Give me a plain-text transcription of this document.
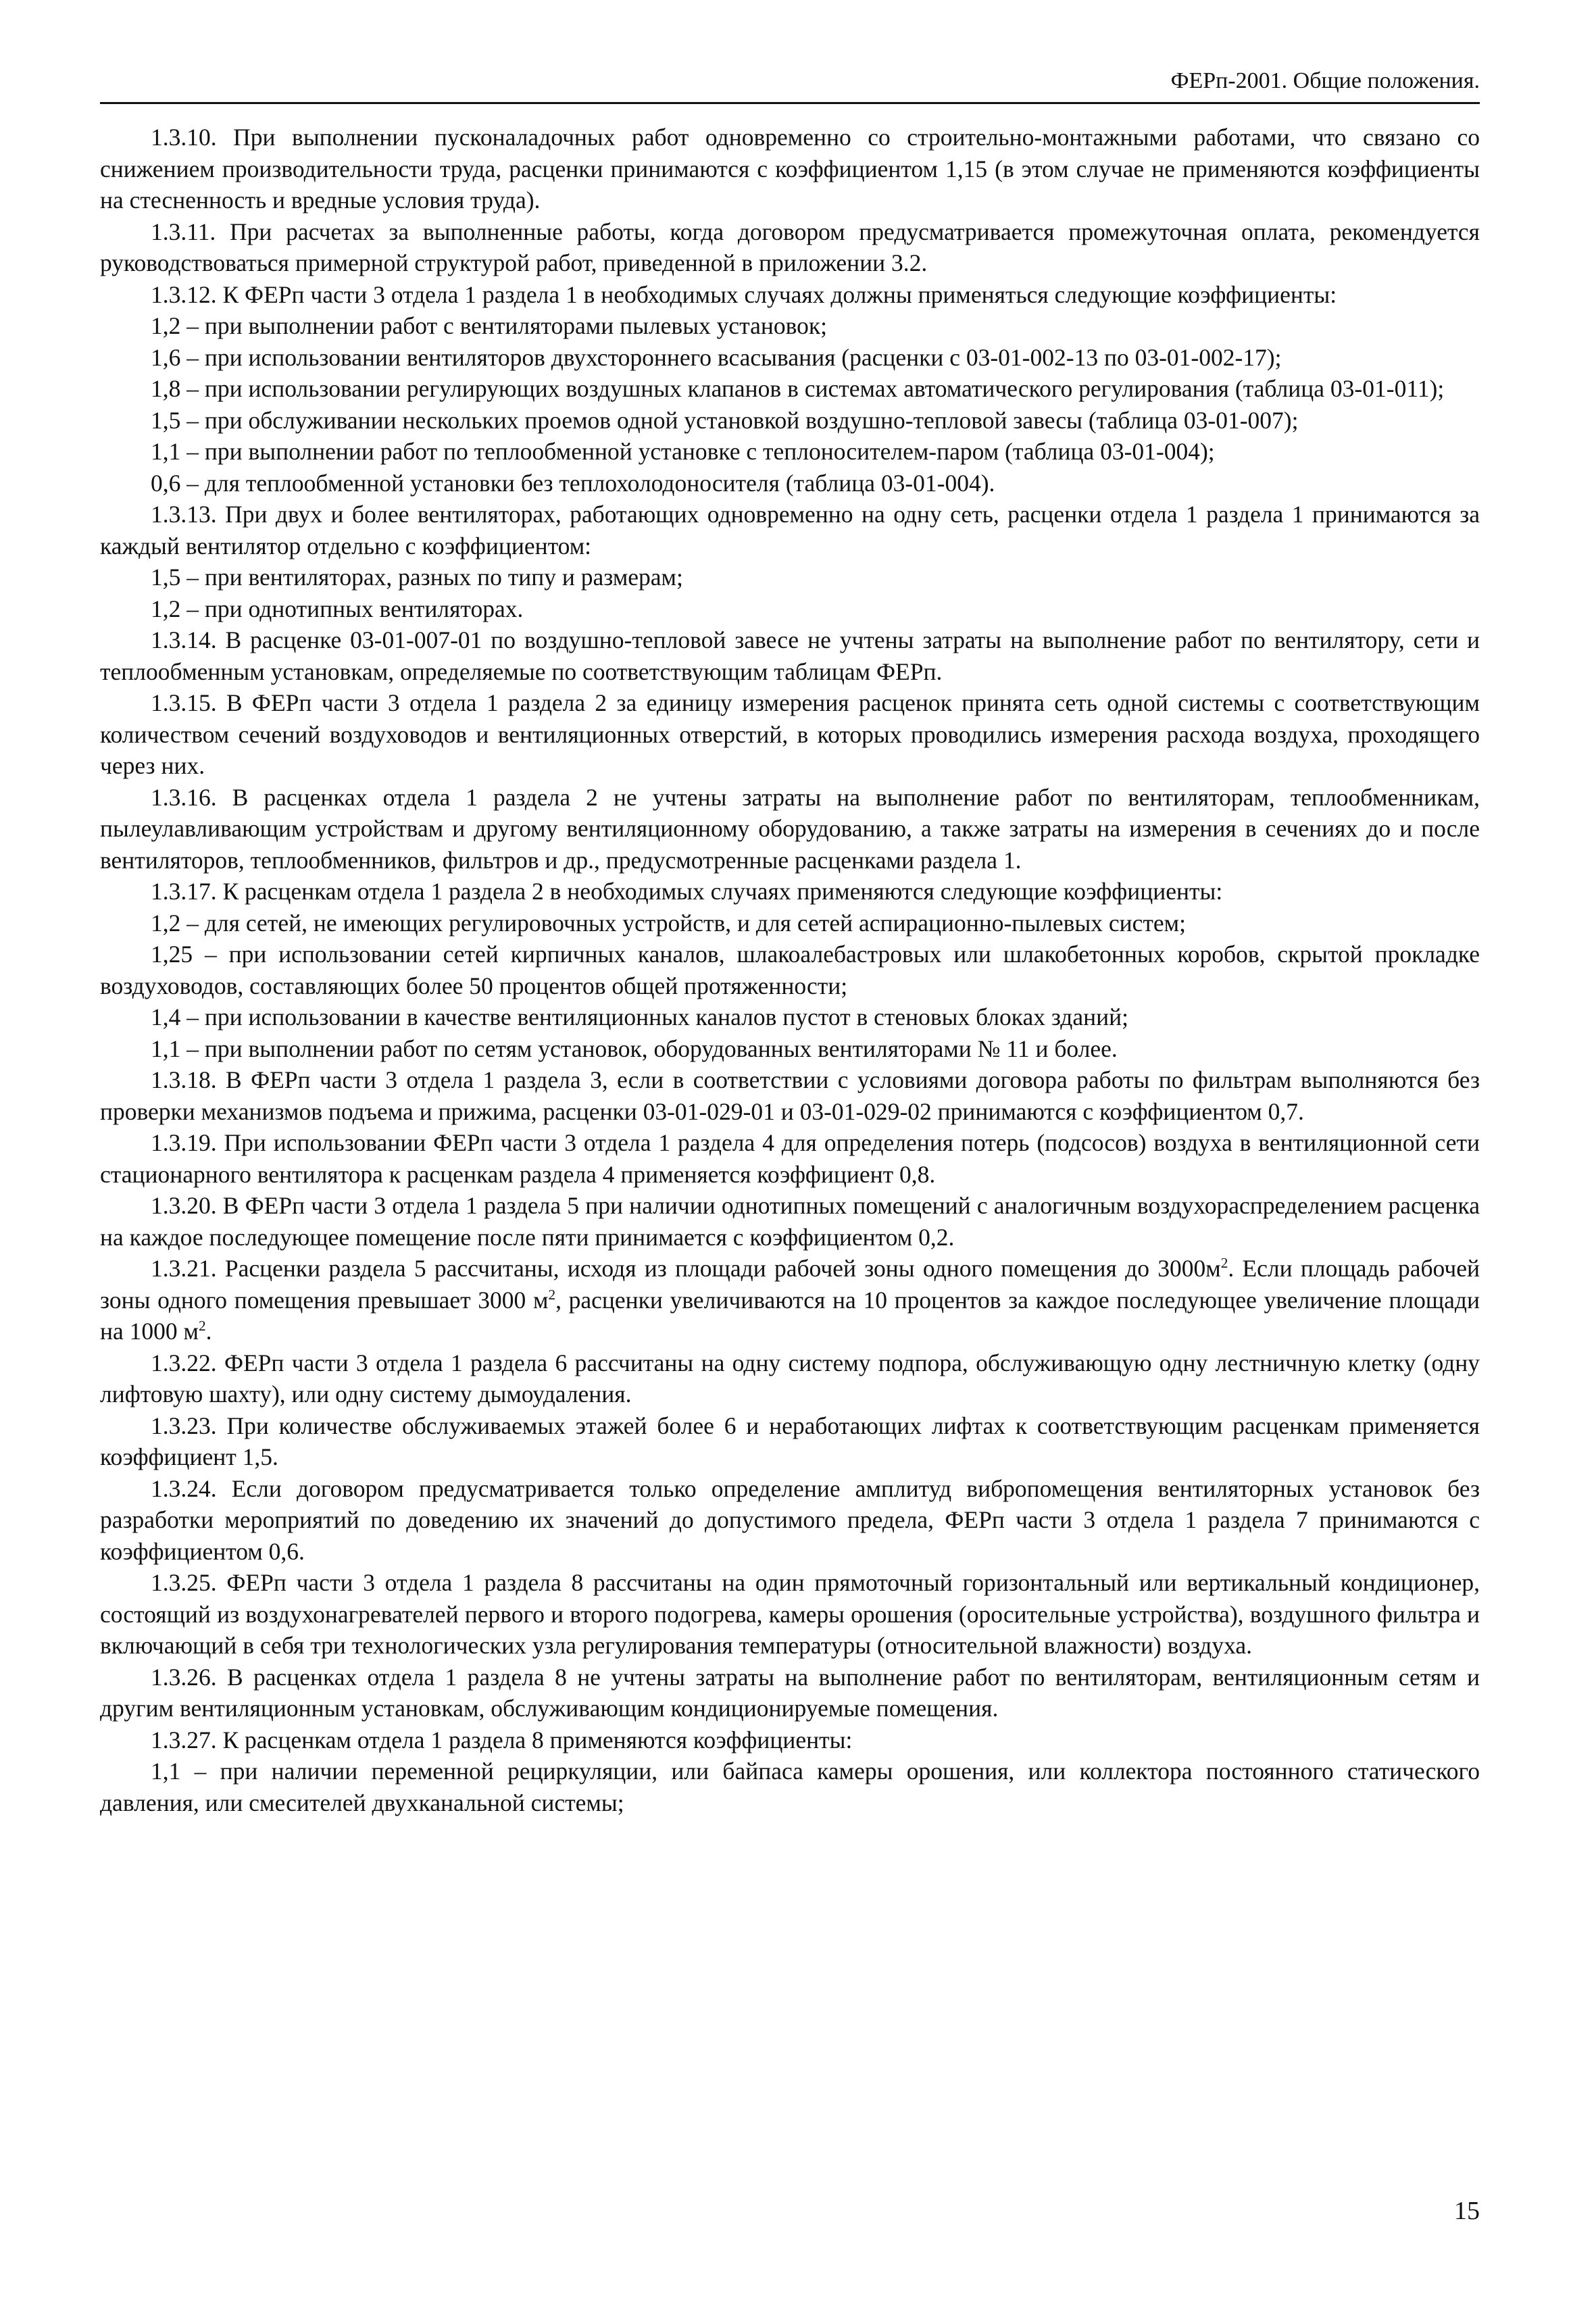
ФЕРп-2001. Общие положения.

1.3.10. При выполнении пусконаладочных работ одновременно со строительно-монтажными работами, что связано со снижением производительности труда, расценки принимаются с коэффициентом 1,15 (в этом случае не применяются коэффициенты на стесненность и вредные условия труда).

1.3.11. При расчетах за выполненные работы, когда договором предусматривается промежуточная оплата, рекомендуется руководствоваться примерной структурой работ, приведенной в приложении 3.2.

1.3.12. К ФЕРп части 3 отдела 1 раздела 1 в необходимых случаях должны применяться следующие коэффициенты:

1,2 – при выполнении работ с вентиляторами пылевых установок;

1,6 – при использовании вентиляторов двухстороннего всасывания (расценки с 03-01-002-13 по 03-01-002-17);

1,8 – при использовании регулирующих воздушных клапанов в системах автоматического регулирования (таблица 03-01-011);

1,5 – при обслуживании нескольких проемов одной установкой воздушно-тепловой завесы (таблица 03-01-007);

1,1 – при выполнении работ по теплообменной установке с теплоносителем-паром (таблица 03-01-004);

0,6 – для теплообменной установки без теплохолодоносителя (таблица 03-01-004).

1.3.13. При двух и более вентиляторах, работающих одновременно на одну сеть, расценки отдела 1 раздела 1 принимаются за каждый вентилятор отдельно с коэффициентом:

1,5 – при вентиляторах, разных по типу и размерам;

1,2 – при однотипных вентиляторах.

1.3.14. В расценке 03-01-007-01 по воздушно-тепловой завесе не учтены затраты на выполнение работ по вентилятору, сети и теплообменным установкам, определяемые по соответствующим таблицам ФЕРп.

1.3.15. В ФЕРп части 3 отдела 1 раздела 2 за единицу измерения расценок принята сеть одной системы с соответствующим количеством сечений воздуховодов и вентиляционных отверстий, в которых проводились измерения расхода воздуха, проходящего через них.

1.3.16. В расценках отдела 1 раздела 2 не учтены затраты на выполнение работ по вентиляторам, теплообменникам, пылеулавливающим устройствам и другому вентиляционному оборудованию, а также затраты на измерения в сечениях до и после вентиляторов, теплообменников, фильтров и др., предусмотренные расценками раздела 1.

1.3.17. К расценкам отдела 1 раздела 2 в необходимых случаях применяются следующие коэффициенты:

1,2 – для сетей, не имеющих регулировочных устройств, и для сетей аспирационно-пылевых систем;

1,25 – при использовании сетей кирпичных каналов, шлакоалебастровых или шлакобетонных коробов, скрытой прокладке воздуховодов, составляющих более 50 процентов общей протяженности;

1,4 – при использовании в качестве вентиляционных каналов пустот в стеновых блоках зданий;

1,1 – при выполнении работ по сетям установок, оборудованных вентиляторами № 11 и более.

1.3.18. В ФЕРп части 3 отдела 1 раздела 3, если в соответствии с условиями договора работы по фильтрам выполняются без проверки механизмов подъема и прижима, расценки 03-01-029-01 и 03-01-029-02 принимаются с коэффициентом 0,7.

1.3.19. При использовании ФЕРп части 3 отдела 1 раздела 4 для определения потерь (подсосов) воздуха в вентиляционной сети стационарного вентилятора к расценкам раздела 4 применяется коэффициент 0,8.

1.3.20. В ФЕРп части 3 отдела 1 раздела 5 при наличии однотипных помещений с аналогичным воздухораспределением расценка на каждое последующее помещение после пяти принимается с коэффициентом 0,2.

1.3.21. Расценки раздела 5 рассчитаны, исходя из площади рабочей зоны одного помещения до $3000м^2$. Если площадь рабочей зоны одного помещения превышает 3000 $м^2$, расценки увеличиваются на 10 процентов за каждое последующее увеличение площади на 1000 $м^2$.

1.3.22. ФЕРп части 3 отдела 1 раздела 6 рассчитаны на одну систему подпора, обслуживающую одну лестничную клетку (одну лифтовую шахту), или одну систему дымоудаления.

1.3.23. При количестве обслуживаемых этажей более 6 и неработающих лифтах к соответствующим расценкам применяется коэффициент 1,5.

1.3.24. Если договором предусматривается только определение амплитуд вибропомещения вентиляторных установок без разработки мероприятий по доведению их значений до допустимого предела, ФЕРп части 3 отдела 1 раздела 7 принимаются с коэффициентом 0,6.

1.3.25. ФЕРп части 3 отдела 1 раздела 8 рассчитаны на один прямоточный горизонтальный или вертикальный кондиционер, состоящий из воздухонагревателей первого и второго подогрева, камеры орошения (оросительные устройства), воздушного фильтра и включающий в себя три технологических узла регулирования температуры (относительной влажности) воздуха.

1.3.26. В расценках отдела 1 раздела 8 не учтены затраты на выполнение работ по вентиляторам, вентиляционным сетям и другим вентиляционным установкам, обслуживающим кондиционируемые помещения.

1.3.27. К расценкам отдела 1 раздела 8 применяются коэффициенты:

1,1 – при наличии переменной рециркуляции, или байпаса камеры орошения, или коллектора постоянного статического давления, или смесителей двухканальной системы;

15
